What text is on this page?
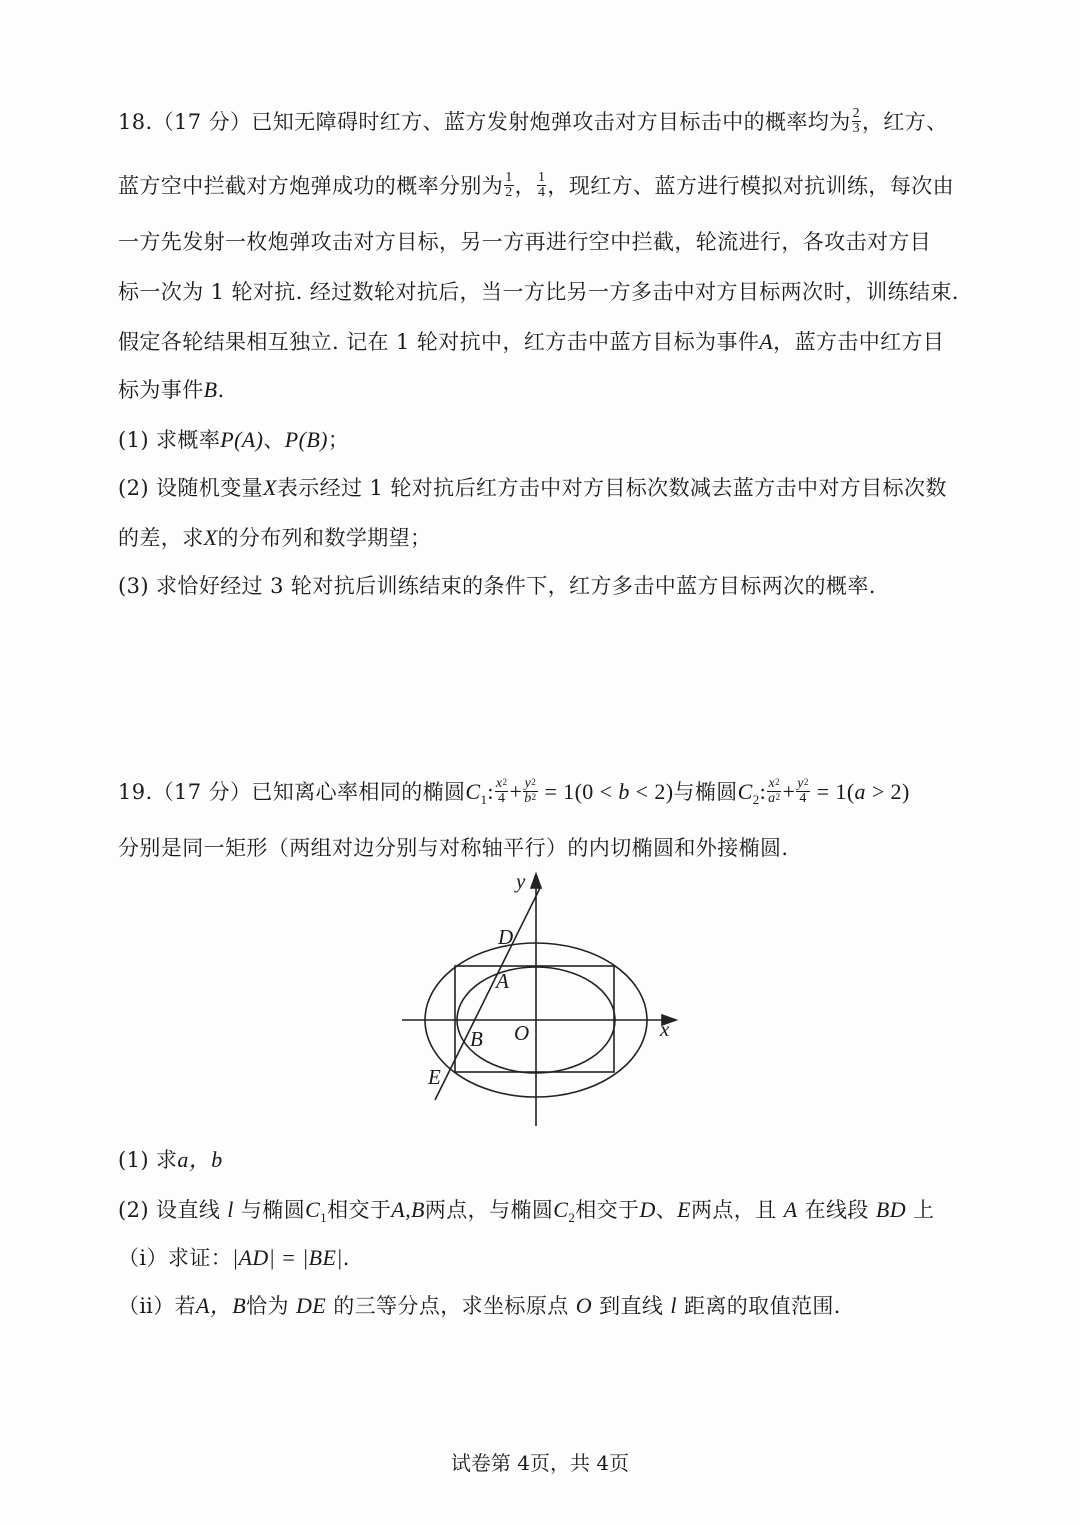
18.（17 分）已知无障碍时红方、蓝方发射炮弹攻击对方目标击中的概率均为 $\frac{2}{3}$ ，红方、
蓝方空中拦截对方炮弹成功的概率分别为 $\frac{1}{2}$ ， $\frac{1}{4}$ ，现红方、蓝方进行模拟对抗训练，每次由
一方先发射一枚炮弹攻击对方目标，另一方再进行空中拦截，轮流进行，各攻击对方目
标一次为 1 轮对抗. 经过数轮对抗后，当一方比另一方多击中对方目标两次时，训练结束.
假定各轮结果相互独立. 记在 1 轮对抗中，红方击中蓝方目标为事件A，蓝方击中红方目
标为事件B.
(1) 求概率P(A)、P(B)；
(2) 设随机变量X表示经过 1 轮对抗后红方击中对方目标次数减去蓝方击中对方目标次数
的差，求X的分布列和数学期望；
(3) 求恰好经过 3 轮对抗后训练结束的条件下，红方多击中蓝方目标两次的概率.
19.（17 分）已知离心率相同的椭圆$C_1$: $\frac{x^2}{4} + \frac{y^2}{b^2} = 1(0 < b < 2)$与椭圆$C_2$: $\frac{x^2}{a^2} + \frac{y^2}{4} = 1(a > 2)$
分别是同一矩形（两组对边分别与对称轴平行）的内切椭圆和外接椭圆.
y
x
O
D
A
B
E
(1) 求a，b
(2) 设直线 l 与椭圆$C_1$相交于A,B两点，与椭圆$C_2$相交于D、E两点，且 A 在线段 BD 上
（ⅰ）求证：|AD| = |BE|.
（ⅱ）若A，B恰为 DE 的三等分点，求坐标原点 O 到直线 l 距离的取值范围.
试卷第 4页，共 4页
